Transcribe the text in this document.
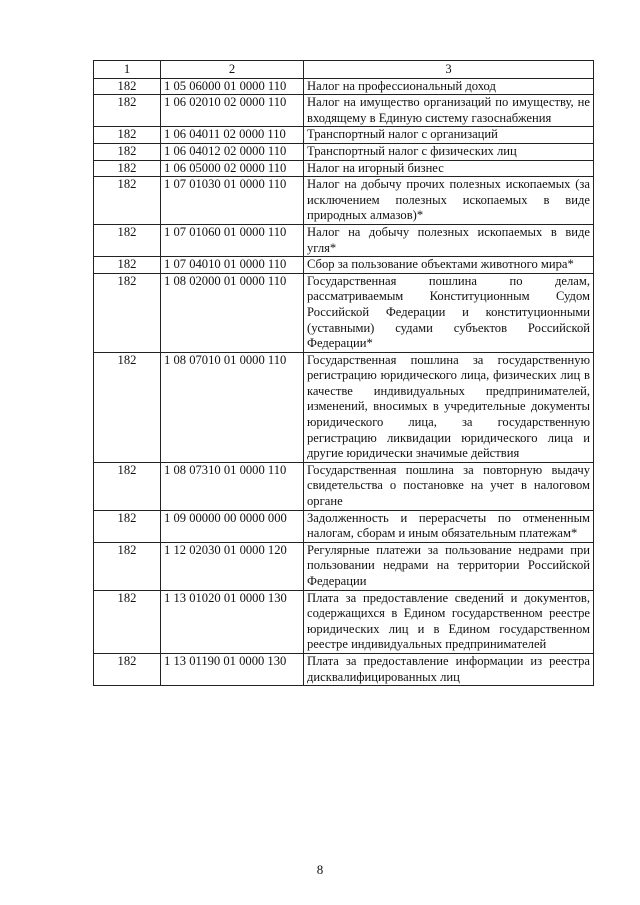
1	2	3
182	1 05 06000 01 0000 110	Налог на профессиональный доход
182	1 06 02010 02 0000 110	Налог на имущество организаций по имуществу, не входящему в Единую систему газоснабжения
182	1 06 04011 02 0000 110	Транспортный налог с организаций
182	1 06 04012 02 0000 110	Транспортный налог с физических лиц
182	1 06 05000 02 0000 110	Налог на игорный бизнес
182	1 07 01030 01 0000 110	Налог на добычу прочих полезных ископаемых (за исключением полезных ископаемых в виде природных алмазов)*
182	1 07 01060 01 0000 110	Налог на добычу полезных ископаемых в виде угля*
182	1 07 04010 01 0000 110	Сбор за пользование объектами животного мира*
182	1 08 02000 01 0000 110	Государственная пошлина по делам, рассматриваемым Конституционным Судом Российской Федерации и конституционными (уставными) судами субъектов Российской Федерации*
182	1 08 07010 01 0000 110	Государственная пошлина за государственную регистрацию юридического лица, физических лиц в качестве индивидуальных предпринимателей, изменений, вносимых в учредительные документы юридического лица, за государственную регистрацию ликвидации юридического лица и другие юридически значимые действия
182	1 08 07310 01 0000 110	Государственная пошлина за повторную выдачу свидетельства о постановке на учет в налоговом органе
182	1 09 00000 00 0000 000	Задолженность и перерасчеты по отмененным налогам, сборам и иным обязательным платежам*
182	1 12 02030 01 0000 120	Регулярные платежи за пользование недрами при пользовании недрами на территории Российской Федерации
182	1 13 01020 01 0000 130	Плата за предоставление сведений и документов, содержащихся в Едином государственном реестре юридических лиц и в Едином государственном реестре индивидуальных предпринимателей
182	1 13 01190 01 0000 130	Плата за предоставление информации из реестра дисквалифицированных лиц
8
